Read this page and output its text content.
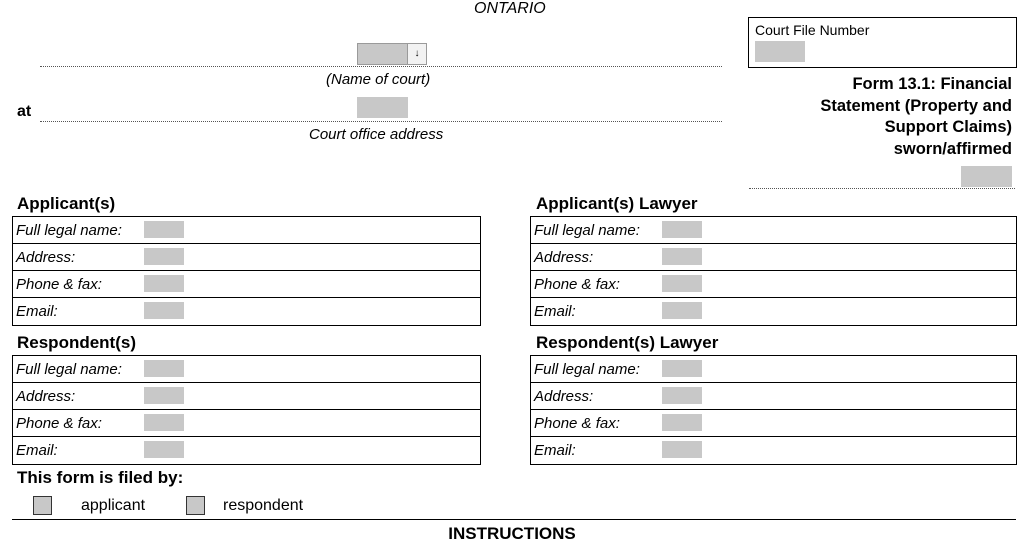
ONTARIO
↓
(Name of court)
at
Court office address
Court File Number
Form 13.1: Financial
Statement (Property and
Support Claims)
sworn/affirmed
Applicant(s)
Full legal name:
Address:
Phone & fax:
Email:
Applicant(s) Lawyer
Full legal name:
Address:
Phone & fax:
Email:
Respondent(s)
Full legal name:
Address:
Phone & fax:
Email:
Respondent(s) Lawyer
Full legal name:
Address:
Phone & fax:
Email:
This form is filed by:
applicant	respondent
INSTRUCTIONS
